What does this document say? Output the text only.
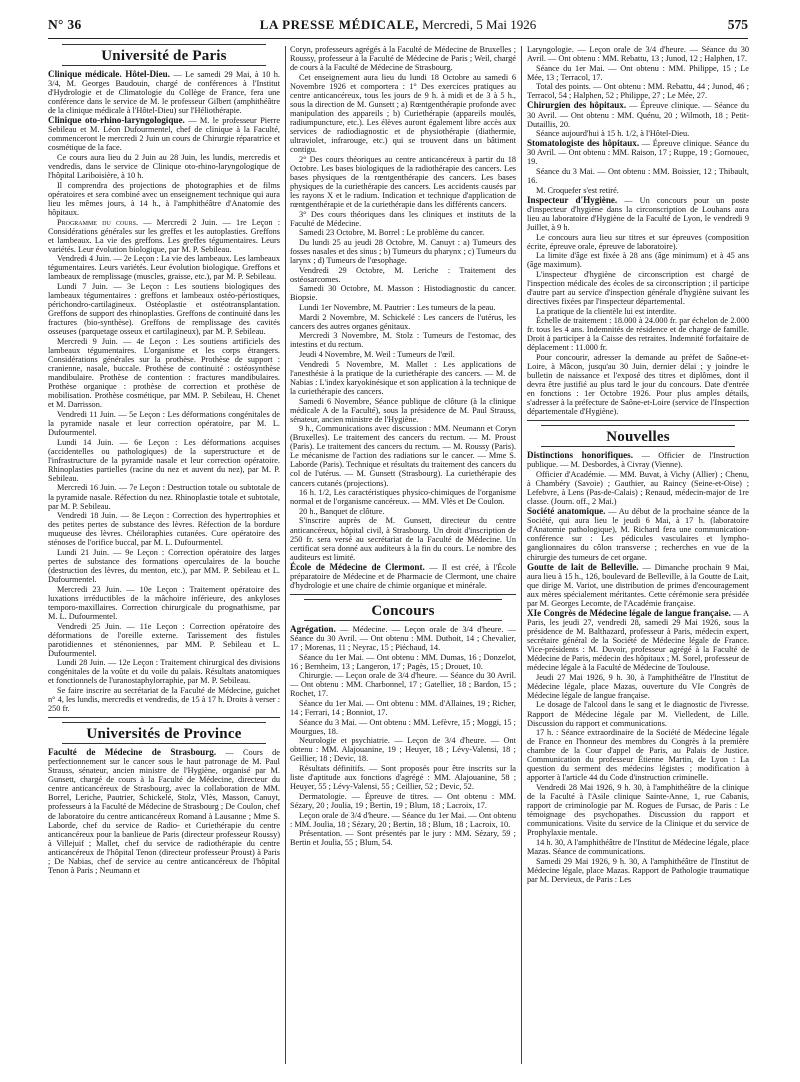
N° 36	LA PRESSE MÉDICALE, Mercredi, 5 Mai 1926	575
Université de Paris

Clinique médicale. Hôtel-Dieu. — Le samedi 29 Mai, à 10 h. 3/4, M. Georges Baudouin, chargé de conférences à l'Institut d'Hydrologie et de Climatologie du Collège de France, fera une conférence dans le service de M. le professeur Gilbert (amphithéâtre de la clinique médicale à l'Hôtel-Dieu) sur l'Héliothérapie.

Clinique oto-rhino-laryngologique. — M. le professeur Pierre Sebileau et M. Léon Dufourmentel, chef de clinique à la Faculté, commenceront le mercredi 2 Juin un cours de Chirurgie réparatrice et cosmétique de la face.

Ce cours aura lieu du 2 Juin au 28 Juin, les lundis, mercredis et vendredis, dans le service de Clinique oto-rhino-laryngologique de l'hôpital Lariboisière, à 10 h.

Il comprendra des projections de photographies et de films opératoires et sera combiné avec un enseignement technique qui aura lieu les mêmes jours, à 14 h., à l'amphithéâtre d'Anatomie des hôpitaux.

Programme du cours. — Mercredi 2 Juin. — 1re Leçon : Considérations générales sur les greffes et les autoplasties. Greffons et lambeaux. La vie des greffons. Les greffes tégumentaires. Leurs variétés. Leur évolution biologique, par M. P. Sebileau.

Vendredi 4 Juin. — 2e Leçon : La vie des lambeaux. Les lambeaux tégumentaires. Leurs variétés. Leur évolution biologique. Greffons et lambeaux de remplissage (muscles, graisse, etc.), par M. P. Sebileau.

Lundi 7 Juin. — 3e Leçon : Les soutiens biologiques des lambeaux tégumentaires : greffons et lambeaux ostéo-périostiques, périchondro-cartilagineux. Ostéoplastie et ostéotransplantation. Greffons de support des rhinoplasties. Greffons de continuité dans les fractures (bio-synthèse). Greffons de remplissage des cavités osseuses (parquetage osseux et cartilagineux), par M. P. Sebileau.

Mercredi 9 Juin. — 4e Leçon : Les soutiens artificiels des lambeaux tégumentaires. L'organisme et les corps étrangers. Considérations générales sur la prothèse. Prothèse de support : cranienne, nasale, buccale. Prothèse de continuité : ostéosynthèse mandibulaire. Prothèse de contention : fractures mandibulaires. Prothèse organique : prothèse de correction et prothèse de mobilisation. Prothèse cosmétique, par MM. P. Sebileau, H. Chenet et M. Darrisson.

Vendredi 11 Juin. — 5e Leçon : Les déformations congénitales de la pyramide nasale et leur correction opératoire, par M. L. Dufourmentel.

Lundi 14 Juin. — 6e Leçon : Les déformations acquises (accidentelles ou pathologiques) de la superstructure et de l'infrastructure de la pyramide nasale et leur correction opératoire. Rhinoplasties partielles (racine du nez et auvent du nez), par M. P. Sebileau.

Mercredi 16 Juin. — 7e Leçon : Destruction totale ou subtotale de la pyramide nasale. Réfection du nez. Rhinoplastie totale et subtotale, par M. P. Sebileau.

Vendredi 18 Juin. — 8e Leçon : Correction des hypertrophies et des petites pertes de substance des lèvres. Réfection de la bordure muqueuse des lèvres. Chéiloraphies cutanées. Cure opératoire des sténoses de l'orifice buccal, par M. L. Dufourmentel.

Lundi 21 Juin. — 9e Leçon : Correction opératoire des larges pertes de substance des formations operculaires de la bouche (destruction des lèvres, du menton, etc.), par MM. P. Sebileau et L. Dufourmentel.

Mercredi 23 Juin. — 10e Leçon : Traitement opératoire des luxations irréductibles de la mâchoire inférieure, des ankyloses temporo-maxillaires. Correction chirurgicale du prognathisme, par M. L. Dufourmentel.

Vendredi 25 Juin. — 11e Leçon : Correction opératoire des déformations de l'oreille externe. Tarissement des fistules parotidiennes et sténoniennes, par MM. P. Sebileau et L. Dufourmentel.

Lundi 28 Juin. — 12e Leçon : Traitement chirurgical des divisions congénitales de la voûte et du voile du palais. Résultats anatomiques et fonctionnels de l'uranostaphylorraphie, par M. P. Sebileau.

Se faire inscrire au secrétariat de la Faculté de Médecine, guichet n° 4, les lundis, mercredis et vendredis, de 15 à 17 h. Droits à verser : 250 fr.

Universités de Province

Faculté de Médecine de Strasbourg. — Cours de perfectionnement sur le cancer sous le haut patronage de M. Paul Strauss, sénateur, ancien ministre de l'Hygiène, organisé par M. Gunsett, chargé de cours à la Faculté de Médecine, directeur du centre anticancéreux de Strasbourg, avec la collaboration de MM. Borrel, Leriche, Pautrier, Schickelé, Stolz, Vlès, Masson, Canuyt, professeurs à la Faculté de Médecine de Strasbourg ; De Coulon, chef de laboratoire du centre anticancéreux Romand à Lausanne ; Mme S. Laborde, chef du service de Radio- et Curiethérapie du centre anticancéreux pour la banlieue de Paris (directeur professeur Roussy) à Villejuif ; Mallet, chef du service de radiothérapie du centre anticancéreux de l'hôpital Tenon (directeur professeur Proust) à Paris ; De Nabias, chef de service au centre anticancéreux de l'hôpital Tenon à Paris ; Neumann et

Coryn, professeurs agrégés à la Faculté de Médecine de Bruxelles ; Roussy, professeur à la Faculté de Médecine de Paris ; Weil, chargé de cours à la Faculté de Médecine de Strasbourg.

Cet enseignement aura lieu du lundi 18 Octobre au samedi 6 Novembre 1926 et comportera : 1° Des exercices pratiques au centre anticancéreux, tous les jours de 9 h. à midi et de 3 à 5 h., sous la direction de M. Gunsett ; a) Rœntgenthérapie profonde avec manipulation des appareils ; b) Curiethérapie (appareils moulés, radiumpuncture, etc.). Les élèves auront également libre accès aux services de radiodiagnostic et de physiothérapie (diathermie, ultraviolet, infrarouge, etc.) qui se trouvent dans un bâtiment contigu.

2° Des cours théoriques au centre anticancéreux à partir du 18 Octobre. Les bases biologiques de la radiothérapie des cancers. Les bases physiques de la rœntgenthérapie des cancers. Les bases physiques de la curiethérapie des cancers. Les accidents causés par les rayons X et le radium. Indication et technique d'application de rœntgenthérapie et de la curiethérapie dans les différents cancers.

3° Des cours théoriques dans les cliniques et instituts de la Faculté de Médecine.

Samedi 23 Octobre, M. Borrel : Le problème du cancer.

Du lundi 25 au jeudi 28 Octobre, M. Canuyt : a) Tumeurs des fosses nasales et des sinus ; b) Tumeurs du pharynx ; c) Tumeurs du larynx ; d) Tumeurs de l'œsophage.

Vendredi 29 Octobre, M. Leriche : Traitement des ostéosarcomes.

Samedi 30 Octobre, M. Masson : Histodiagnostic du cancer. Biopsie.

Lundi 1er Novembre, M. Pautrier : Les tumeurs de la peau.

Mardi 2 Novembre, M. Schickelé : Les cancers de l'utérus, les cancers des autres organes génitaux.

Mercredi 3 Novembre, M. Stolz : Tumeurs de l'estomac, des intestins et du rectum.

Jeudi 4 Novembre, M. Weil : Tumeurs de l'œil.

Vendredi 5 Novembre, M. Mallet : Les applications de l'anesthésie à la pratique de la curiethérapie des cancers. — M. de Nabias : L'index karyokinésique et son application à la technique de la curiethérapie des cancers.

Samedi 6 Novembre, Séance publique de clôture (à la clinique médicale A de la Faculté), sous la présidence de M. Paul Strauss, sénateur, ancien ministre de l'Hygiène.

9 h., Communications avec discussion : MM. Neumann et Coryn (Bruxelles). Le traitement des cancers du rectum. — M. Proust (Paris). Le traitement des cancers du rectum. — M. Roussy (Paris). Le mécanisme de l'action des radiations sur le cancer. — Mme S. Laborde (Paris). Technique et résultats du traitement des cancers du col de l'utérus. — M. Gunsett (Strasbourg). La curiethérapie des cancers cutanés (projections).

16 h. 1/2, Les caractéristiques physico-chimiques de l'organisme normal et de l'organisme cancéreux. — MM. Vlès et De Coulon.

20 h., Banquet de clôture.

S'inscrire auprès de M. Gunsett, directeur du centre anticancéreux, hôpital civil, à Strasbourg. Un droit d'inscription de 250 fr. sera versé au secrétariat de la Faculté de Médecine. Un certificat sera donné aux auditeurs à la fin du cours. Le nombre des auditeurs est limité.

École de Médecine de Clermont. — Il est créé, à l'École préparatoire de Médecine et de Pharmacie de Clermont, une chaire d'hydrologie et une chaire de chimie organique et minérale.

Concours

Agrégation. — Médecine. — Leçon orale de 3/4 d'heure. — Séance du 30 Avril. — Ont obtenu : MM. Duthoit, 14 ; Chevalier, 17 ; Morenas, 11 ; Neyrac, 15 ; Piéchaud, 14.

Séance du 1er Mai. — Ont obtenu : MM. Dumas, 16 ; Donzelot, 16 ; Bernheim, 13 ; Langeron, 17 ; Pagès, 15 ; Drouet, 10.

Chirurgie. — Leçon orale de 3/4 d'heure. — Séance du 30 Avril. — Ont obtenu : MM. Charbonnel, 17 ; Gatellier, 18 ; Bardon, 15 ; Rochet, 17.

Séance du 1er Mai. — Ont obtenu : MM. d'Allaines, 19 ; Richer, 14 ; Ferrari, 14 ; Bonniot, 17.

Séance du 3 Mai. — Ont obtenu : MM. Lefèvre, 15 ; Moggi, 15 ; Mourgues, 18.

Neurologie et psychiatrie. — Leçon de 3/4 d'heure. — Ont obtenu : MM. Alajouanine, 19 ; Heuyer, 18 ; Lévy-Valensi, 18 ; Geillier, 18 ; Devic, 18.

Résultats définitifs. — Sont proposés pour être inscrits sur la liste d'aptitude aux fonctions d'agrégé : MM. Alajouanine, 58 ; Heuyer, 55 ; Lévy-Valensi, 55 ; Ceillier, 52 ; Devic, 52.

Dermatologie. — Épreuve de titres. — Ont obtenu : MM. Sézary, 20 ; Joulia, 19 ; Bertin, 19 ; Blum, 18 ; Lacroix, 17.

Leçon orale de 3/4 d'heure. — Séance du 1er Mai. — Ont obtenu : MM. Joulia, 18 ; Sézary, 20 ; Bertin, 18 ; Blum, 18 ; Lacroix, 10.

Présentation. — Sont présentés par le jury : MM. Sézary, 59 ; Bertin et Joulia, 55 ; Blum, 54.

Laryngologie. — Leçon orale de 3/4 d'heure. — Séance du 30 Avril. — Ont obtenu : MM. Rebattu, 13 ; Junod, 12 ; Halphen, 17.

Séance du 1er Mai. — Ont obtenu : MM. Philippe, 15 ; Le Mée, 13 ; Terracol, 17.

Total des points. — Ont obtenu : MM. Rebattu, 44 ; Junod, 46 ; Terracol, 54 ; Halphen, 52 ; Philippe, 27 ; Le Mée, 27.

Chirurgien des hôpitaux. — Épreuve clinique. — Séance du 30 Avril. — Ont obtenu : MM. Quénu, 20 ; Wilmoth, 18 ; Petit-Dutaillis, 20.

Séance aujourd'hui à 15 h. 1/2, à l'Hôtel-Dieu.

Stomatologiste des hôpitaux. — Épreuve clinique. Séance du 30 Avril. — Ont obtenu : MM. Raison, 17 ; Ruppe, 19 ; Gornouec, 19.

Séance du 3 Mai. — Ont obtenu : MM. Boissier, 12 ; Thibault, 16.

M. Croquefer s'est retiré.

Inspecteur d'Hygiène. — Un concours pour un poste d'inspecteur d'hygiène dans la circonscription de Louhans aura lieu au laboratoire d'Hygiène de la Faculté de Lyon, le vendredi 9 Juillet, à 9 h.

Le concours aura lieu sur titres et sur épreuves (composition écrite, épreuve orale, épreuve de laboratoire).

La limite d'âge est fixée à 28 ans (âge minimum) et à 45 ans (âge maximum).

L'inspecteur d'hygiène de circonscription est chargé de l'inspection médicale des écoles de sa circonscription ; il participe d'autre part au service d'inspection générale d'hygiène suivant les directives fixées par l'inspecteur départemental.

La pratique de la clientèle lui est interdite.

Échelle de traitement : 18.000 à 24.000 fr. par échelon de 2.000 fr. tous les 4 ans. Indemnités de résidence et de charge de famille. Droit à participer à la Caisse des retraites. Indemnité forfaitaire de déplacement : 11.000 fr.

Pour concourir, adresser la demande au préfet de Saône-et-Loire, à Mâcon, jusqu'au 30 Juin, dernier délai ; y joindre le bulletin de naissance et l'exposé des titres et diplômes, dont il devra être justifié au plus tard le jour du concours. Date d'entrée en fonctions : 1er Octobre 1926. Pour plus amples détails, s'adresser à la préfecture de Saône-et-Loire (service de l'Inspection départementale d'Hygiène).

Nouvelles

Distinctions honorifiques. — Officier de l'Instruction publique. — M. Desbordes, à Civray (Vienne).

Officier d'Académie. — MM. Buvat, à Vichy (Allier) ; Chenu, à Chambéry (Savoie) ; Gauthier, au Raincy (Seine-et-Oise) ; Lefebvre, à Lens (Pas-de-Calais) ; Renaud, médecin-major de 1re classe. (Journ. off., 2 Mai.)

Société anatomique. — Au début de la prochaine séance de la Société, qui aura lieu le jeudi 6 Mai, à 17 h. (laboratoire d'Anatomie pathologique), M. Richard fera une communication-conférence sur : Les pédicules vasculaires et lympho-ganglionnaires du côlon transverse ; recherches en vue de la chirurgie des tumeurs de cet organe.

Goutte de lait de Belleville. — Dimanche prochain 9 Mai, aura lieu à 15 h., 126, boulevard de Belleville, à la Goutte de Lait, que dirige M. Variot, une distribution de primes d'encouragement aux mères spécialement méritantes. Cette cérémonie sera présidée par M. Georges Lecomte, de l'Académie française.

XIe Congrès de Médecine légale de langue française. — A Paris, les jeudi 27, vendredi 28, samedi 29 Mai 1926, sous la présidence de M. Balthazard, professeur à Paris, médecin expert, secrétaire général de la Société de Médecine légale de France. Vice-présidents : M. Duvoir, professeur agrégé à la Faculté de Médecine de Paris, médecin des hôpitaux ; M. Sorel, professeur de médecine légale à la Faculté de Médecine de Toulouse.

Jeudi 27 Mai 1926, 9 h. 30, à l'amphithéâtre de l'Institut de Médecine légale, place Mazas, ouverture du VIe Congrès de Médecine légale de langue française.

Le dosage de l'alcool dans le sang et le diagnostic de l'ivresse. Rapport de Médecine légale par M. Vielledent, de Lille. Discussion du rapport et communications.

17 h. : Séance extraordinaire de la Société de Médecine légale de France en l'honneur des membres du Congrès à la première chambre de la Cour d'appel de Paris, au Palais de Justice. Communication du professeur Étienne Martin, de Lyon : La question du serment des médecins légistes ; modification à apporter à l'article 44 du Code d'instruction criminelle.

Vendredi 28 Mai 1926, 9 h. 30, à l'amphithéâtre de la clinique de la Faculté à l'Asile clinique Sainte-Anne, 1, rue Cabanis, rapport de criminologie par M. Rogues de Fursac, de Paris : Le témoignage des psychopathes. Discussion du rapport et communications. Visite du service de la Clinique et du service de Prophylaxie mentale.

14 h. 30, A l'amphithéâtre de l'Institut de Médecine légale, place Mazas. Séance de communications.

Samedi 29 Mai 1926, 9 h. 30, A l'amphithéâtre de l'Institut de Médecine légale, place Mazas. Rapport de Pathologie traumatique par M. Dervieux, de Paris : Les
